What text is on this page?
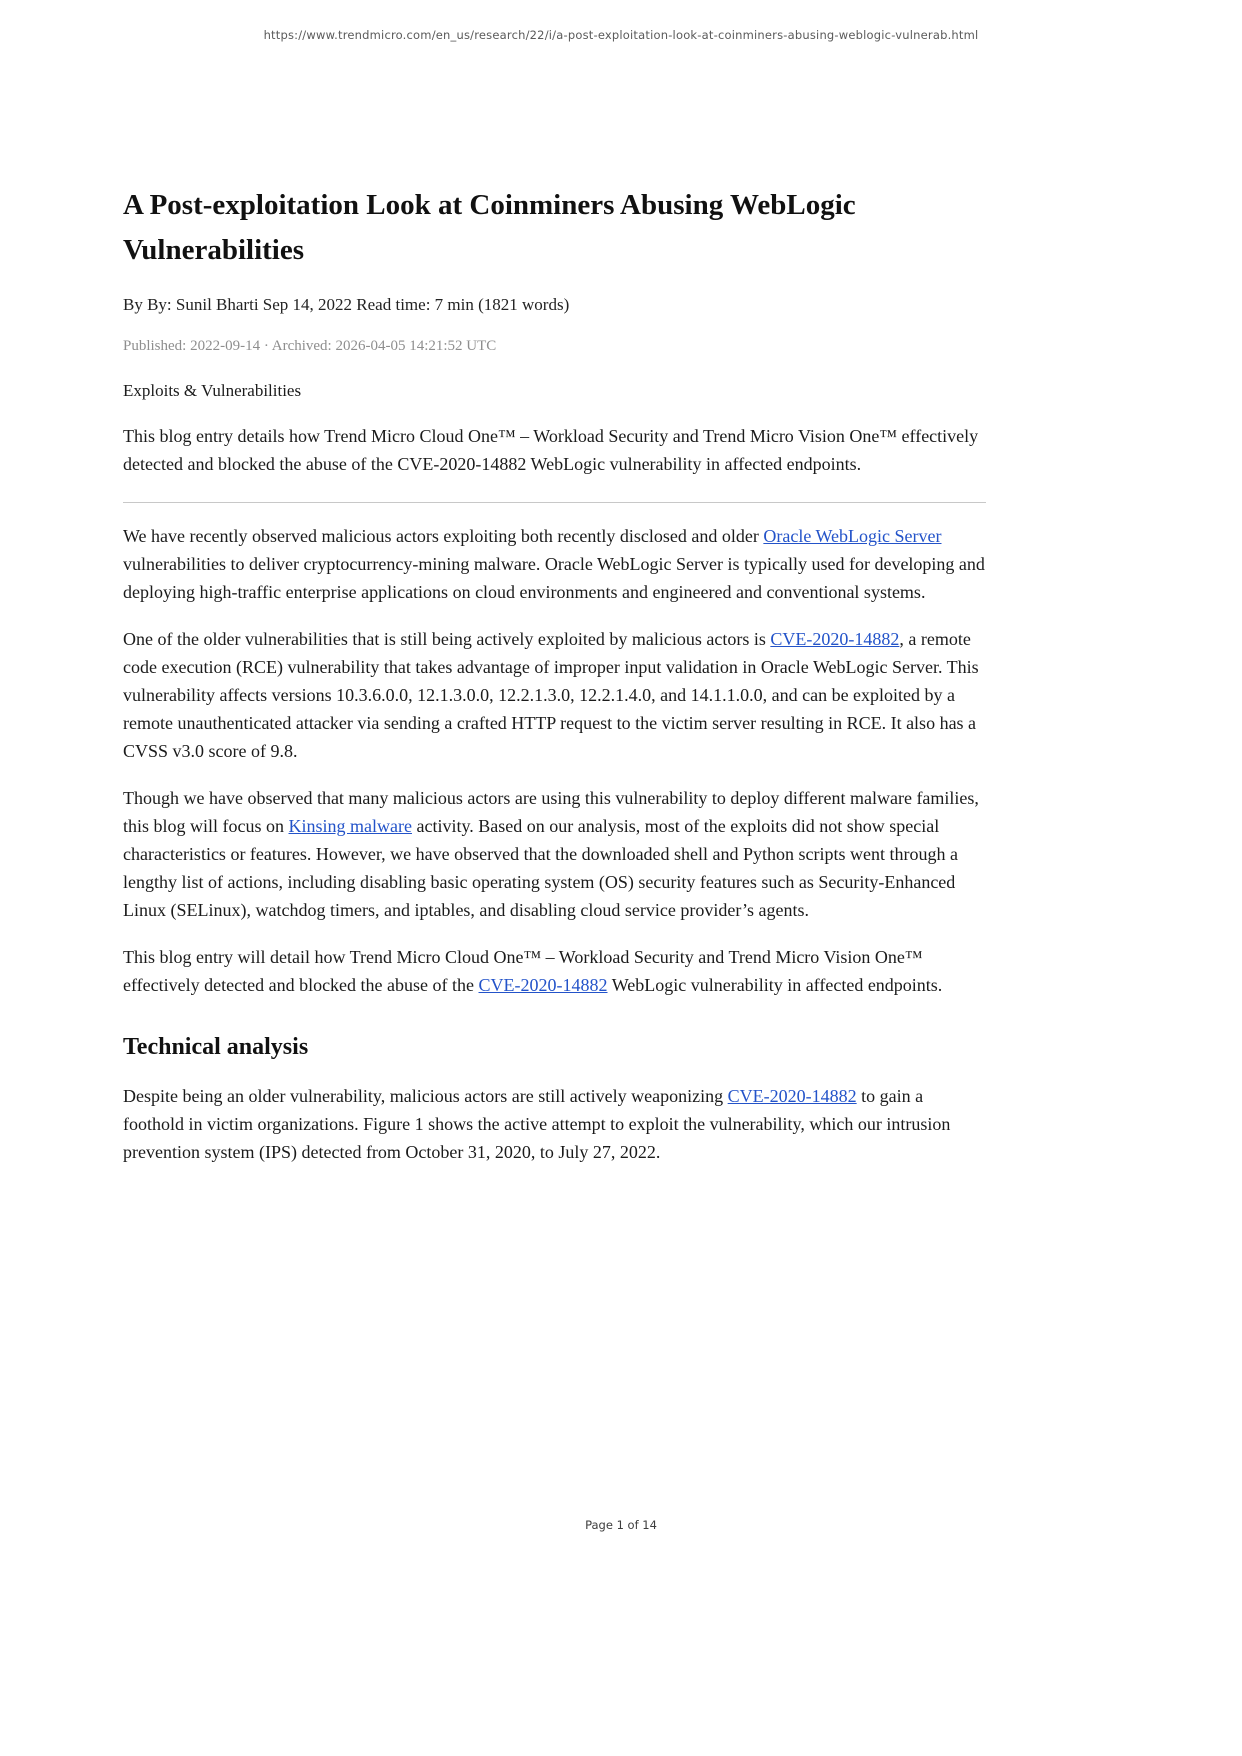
https://www.trendmicro.com/en_us/research/22/i/a-post-exploitation-look-at-coinminers-abusing-weblogic-vulnerab.html
A Post-exploitation Look at Coinminers Abusing WebLogic Vulnerabilities
By By: Sunil Bharti Sep 14, 2022 Read time: 7 min (1821 words)
Published: 2022-09-14 · Archived: 2026-04-05 14:21:52 UTC
Exploits & Vulnerabilities

This blog entry details how Trend Micro Cloud One™ – Workload Security and Trend Micro Vision One™ effectively detected and blocked the abuse of the CVE-2020-14882 WebLogic vulnerability in affected endpoints.

We have recently observed malicious actors exploiting both recently disclosed and older Oracle WebLogic Server vulnerabilities to deliver cryptocurrency-mining malware. Oracle WebLogic Server is typically used for developing and deploying high-traffic enterprise applications on cloud environments and engineered and conventional systems.

One of the older vulnerabilities that is still being actively exploited by malicious actors is CVE-2020-14882, a remote code execution (RCE) vulnerability that takes advantage of improper input validation in Oracle WebLogic Server. This vulnerability affects versions 10.3.6.0.0, 12.1.3.0.0, 12.2.1.3.0, 12.2.1.4.0, and 14.1.1.0.0, and can be exploited by a remote unauthenticated attacker via sending a crafted HTTP request to the victim server resulting in RCE. It also has a CVSS v3.0 score of 9.8.

Though we have observed that many malicious actors are using this vulnerability to deploy different malware families, this blog will focus on Kinsing malware activity. Based on our analysis, most of the exploits did not show special characteristics or features. However, we have observed that the downloaded shell and Python scripts went through a lengthy list of actions, including disabling basic operating system (OS) security features such as Security-Enhanced Linux (SELinux), watchdog timers, and iptables, and disabling cloud service provider’s agents.

This blog entry will detail how Trend Micro Cloud One™ – Workload Security and Trend Micro Vision One™ effectively detected and blocked the abuse of the CVE-2020-14882 WebLogic vulnerability in affected endpoints.

Technical analysis

Despite being an older vulnerability, malicious actors are still actively weaponizing CVE-2020-14882 to gain a foothold in victim organizations. Figure 1 shows the active attempt to exploit the vulnerability, which our intrusion prevention system (IPS) detected from October 31, 2020, to July 27, 2022.

Page 1 of 14
